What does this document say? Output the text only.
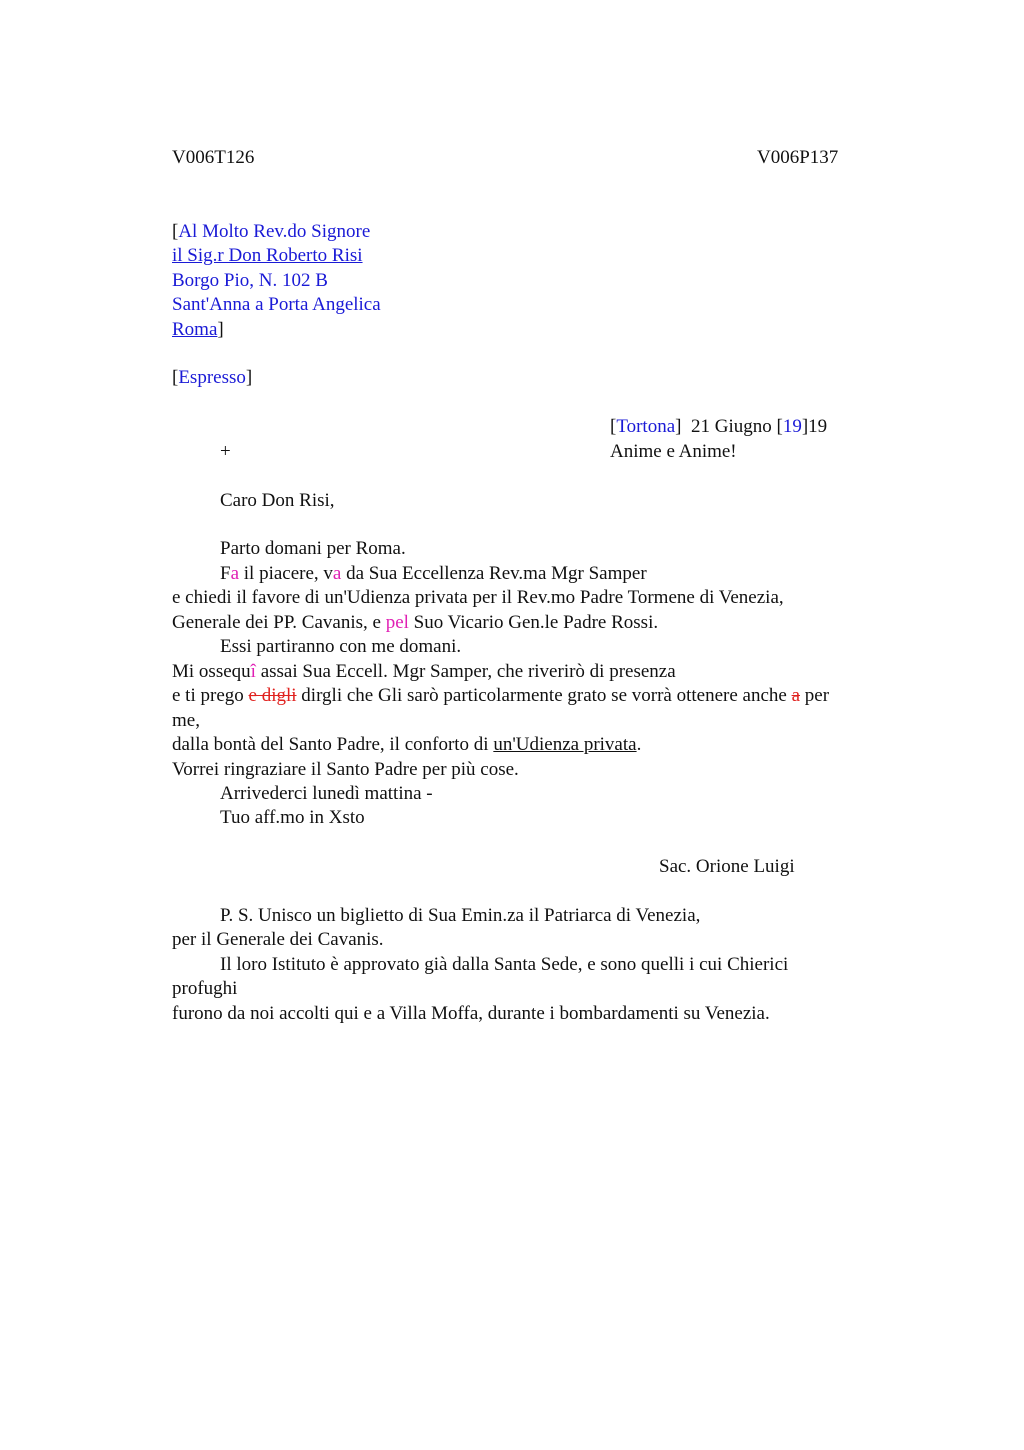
V006T126	V006P137
[Al Molto Rev.do Signore
il Sig.r Don Roberto Risi
Borgo Pio, N. 102 B
Sant'Anna a Porta Angelica
Roma]
[Espresso]
[Tortona]  21 Giugno [19]19
+	Anime e Anime!
Caro Don Risi,
Parto domani per Roma.
Fa il piacere, va da Sua Eccellenza Rev.ma Mgr Samper
e chiedi il favore di un'Udienza privata per il Rev.mo Padre Tormene di Venezia,
Generale dei PP. Cavanis, e pel Suo Vicario Gen.le Padre Rossi.
Essi partiranno con me domani.
Mi ossequî assai Sua Eccell. Mgr Samper, che riverirò di presenza
e ti prego e digli dirgli che Gli sarò particolarmente grato se vorrà ottenere anche a per
me,
dalla bontà del Santo Padre, il conforto di un'Udienza privata.
Vorrei ringraziare il Santo Padre per più cose.
Arrivederci lunedì mattina -
Tuo aff.mo in Xsto
Sac. Orione Luigi
P. S. Unisco un biglietto di Sua Emin.za il Patriarca di Venezia,
per il Generale dei Cavanis.
Il loro Istituto è approvato già dalla Santa Sede, e sono quelli i cui Chierici
profughi
furono da noi accolti qui e a Villa Moffa, durante i bombardamenti su Venezia.
